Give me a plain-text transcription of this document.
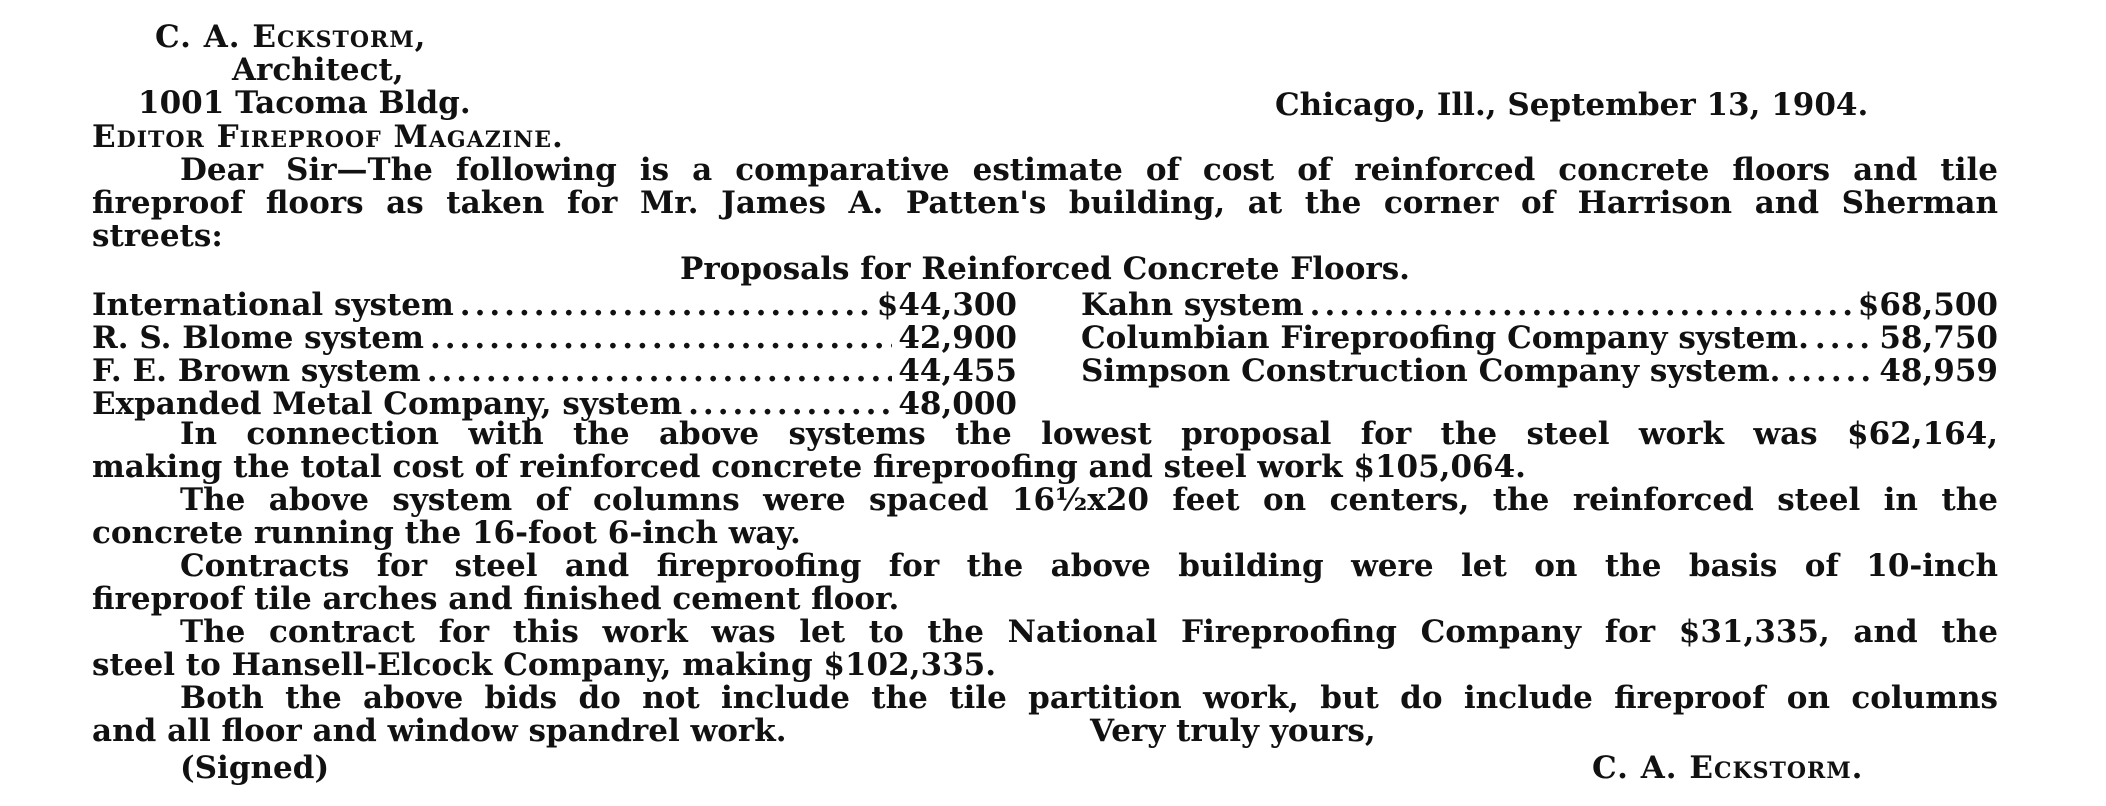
C. A. Eckstorm,
Architect,
1001 Tacoma Bldg.	Chicago, Ill., September 13, 1904.
Editor Fireproof Magazine.
Dear Sir—The following is a comparative estimate of cost of reinforced concrete floors and tile
fireproof floors as taken for Mr. James A. Patten's building, at the corner of Harrison and Sherman
streets:
Proposals for Reinforced Concrete Floors.
International system .....	$44,300 Kahn system .....	$68,500
R. S. Blome system .....	42,900 Columbian Fireproofing Company system. ..... 58,750
F. E. Brown system .....	44,455 Simpson Construction Company system. .....	48,959
Expanded Metal Company, system .....	48,000
In connection with the above systems the lowest proposal for the steel work was $62,164,
making the total cost of reinforced concrete fireproofing and steel work $105,064.
The above system of columns were spaced 16½x20 feet on centers, the reinforced steel in the
concrete running the 16-foot 6-inch way.
Contracts for steel and fireproofing for the above building were let on the basis of 10-inch
fireproof tile arches and finished cement floor.
The contract for this work was let to the National Fireproofing Company for $31,335, and the
steel to Hansell-Elcock Company, making $102,335.
Both the above bids do not include the tile partition work, but do include fireproof on columns
and all floor and window spandrel work.	Very truly yours,
(Signed)	C. A. Eckstorm.
